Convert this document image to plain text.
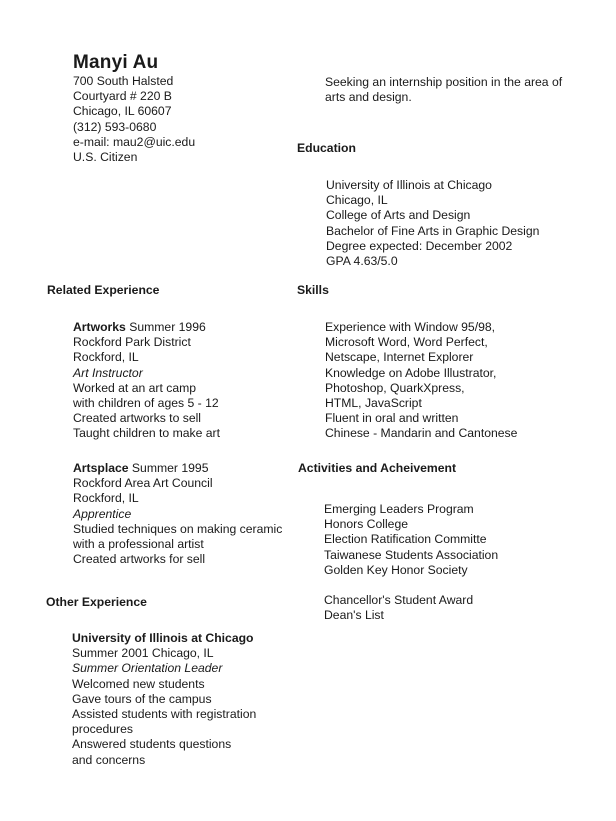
Manyi Au
700 South Halsted
Courtyard # 220 B
Chicago, IL 60607
(312) 593-0680
e-mail: mau2@uic.edu
U.S. Citizen
Seeking an internship position in the area of
arts and design.
Education
University of Illinois at Chicago
Chicago, IL
College of Arts and Design
Bachelor of Fine Arts in Graphic Design
Degree expected: December 2002
GPA 4.63/5.0
Related Experience
Artworks Summer 1996
Rockford Park District
Rockford, IL
Art Instructor
Worked at an art camp
with children of ages 5 - 12
Created artworks to sell
Taught children to make art
Artsplace Summer 1995
Rockford Area Art Council
Rockford, IL
Apprentice
Studied techniques on making ceramic
with a professional artist
Created artworks for sell
Skills
Experience with Window 95/98,
Microsoft Word, Word Perfect,
Netscape, Internet Explorer
Knowledge on Adobe Illustrator,
Photoshop, QuarkXpress,
HTML, JavaScript
Fluent in oral and written
Chinese - Mandarin and Cantonese
Activities and Acheivement
Emerging Leaders Program
Honors College
Election Ratification Committe
Taiwanese Students Association
Golden Key Honor Society
Chancellor's Student Award
Dean's List
Other Experience
University of Illinois at Chicago
Summer 2001 Chicago, IL
Summer Orientation Leader
Welcomed new students
Gave tours of the campus
Assisted students with registration
procedures
Answered students questions
and concerns
